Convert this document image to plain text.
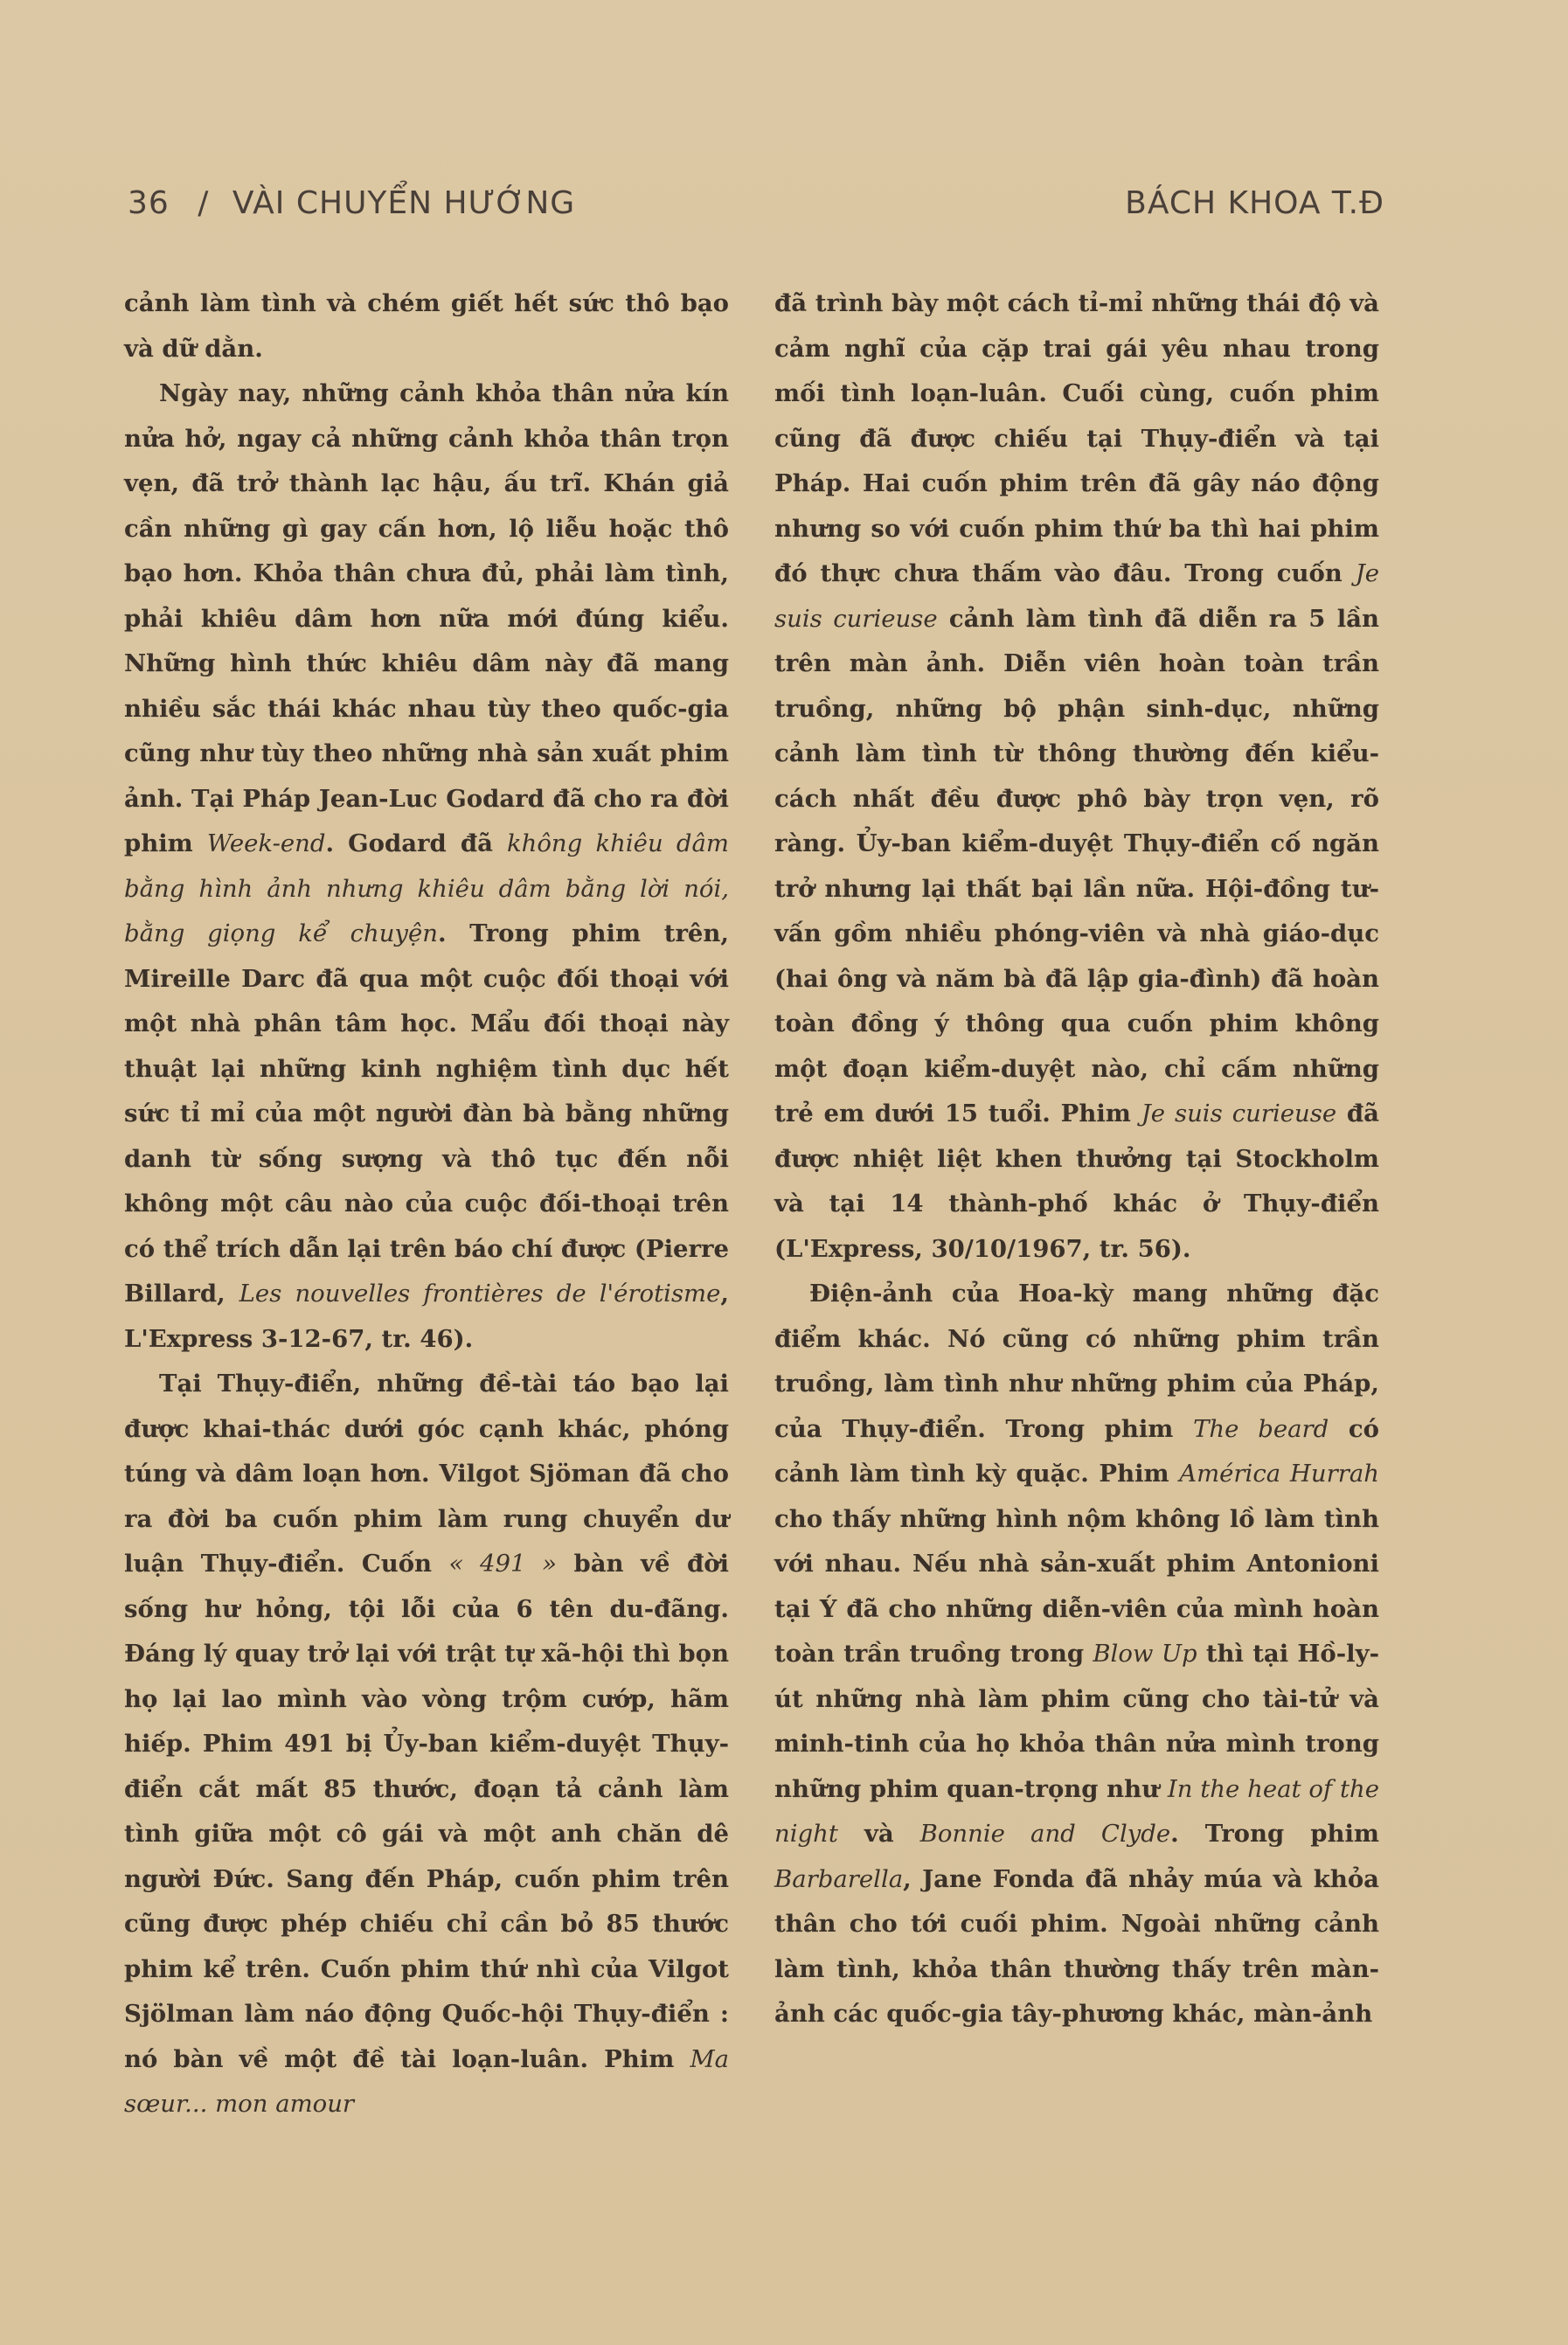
36 / VÀI CHUYỂN HƯỚNG	BÁCH KHOA T.Đ

cảnh làm tình và chém giết hết sức thô bạo và dữ dằn.

Ngày nay, những cảnh khỏa thân nửa kín nửa hở, ngay cả những cảnh khỏa thân trọn vẹn, đã trở thành lạc hậu, ấu trĩ. Khán giả cần những gì gay cấn hơn, lộ liễu hoặc thô bạo hơn. Khỏa thân chưa đủ, phải làm tình, phải khiêu dâm hơn nữa mới đúng kiểu. Những hình thức khiêu dâm này đã mang nhiều sắc thái khác nhau tùy theo quốc-gia cũng như tùy theo những nhà sản xuất phim ảnh. Tại Pháp Jean-Luc Godard đã cho ra đời phim Week-end. Godard đã không khiêu dâm bằng hình ảnh nhưng khiêu dâm bằng lời nói, bằng giọng kể chuyện. Trong phim trên, Mireille Darc đã qua một cuộc đối thoại với một nhà phân tâm học. Mẩu đối thoại này thuật lại những kinh nghiệm tình dục hết sức tỉ mỉ của một người đàn bà bằng những danh từ sống sượng và thô tục đến nỗi không một câu nào của cuộc đối-thoại trên có thể trích dẫn lại trên báo chí được (Pierre Billard, Les nouvelles frontières de l'érotisme, L'Express 3-12-67, tr. 46).

Tại Thụy-điển, những đề-tài táo bạo lại được khai-thác dưới góc cạnh khác, phóng túng và dâm loạn hơn. Vilgot Sjöman đã cho ra đời ba cuốn phim làm rung chuyển dư luận Thụy-điển. Cuốn « 491 » bàn về đời sống hư hỏng, tội lỗi của 6 tên du-đãng. Đáng lý quay trở lại với trật tự xã-hội thì bọn họ lại lao mình vào vòng trộm cướp, hãm hiếp. Phim 491 bị Ủy-ban kiểm-duyệt Thụy-điển cắt mất 85 thước, đoạn tả cảnh làm tình giữa một cô gái và một anh chăn dê người Đức. Sang đến Pháp, cuốn phim trên cũng được phép chiếu chỉ cần bỏ 85 thước phim kể trên. Cuốn phim thứ nhì của Vilgot Sjölman làm náo động Quốc-hội Thụy-điển : nó bàn về một đề tài loạn-luân. Phim Ma sœur... mon amour

đã trình bày một cách tỉ-mỉ những thái độ và cảm nghĩ của cặp trai gái yêu nhau trong mối tình loạn-luân. Cuối cùng, cuốn phim cũng đã được chiếu tại Thụy-điển và tại Pháp. Hai cuốn phim trên đã gây náo động nhưng so với cuốn phim thứ ba thì hai phim đó thực chưa thấm vào đâu. Trong cuốn Je suis curieuse cảnh làm tình đã diễn ra 5 lần trên màn ảnh. Diễn viên hoàn toàn trần truồng, những bộ phận sinh-dục, những cảnh làm tình từ thông thường đến kiểu-cách nhất đều được phô bày trọn vẹn, rõ ràng. Ủy-ban kiểm-duyệt Thụy-điển cố ngăn trở nhưng lại thất bại lần nữa. Hội-đồng tư-vấn gồm nhiều phóng-viên và nhà giáo-dục (hai ông và năm bà đã lập gia-đình) đã hoàn toàn đồng ý thông qua cuốn phim không một đoạn kiểm-duyệt nào, chỉ cấm những trẻ em dưới 15 tuổi. Phim Je suis curieuse đã được nhiệt liệt khen thưởng tại Stockholm và tại 14 thành-phố khác ở Thụy-điển (L'Express, 30/10/1967, tr. 56).

Điện-ảnh của Hoa-kỳ mang những đặc điểm khác. Nó cũng có những phim trần truồng, làm tình như những phim của Pháp, của Thụy-điển. Trong phim The beard có cảnh làm tình kỳ quặc. Phim América Hurrah cho thấy những hình nộm không lồ làm tình với nhau. Nếu nhà sản-xuất phim Antonioni tại Ý đã cho những diễn-viên của mình hoàn toàn trần truồng trong Blow Up thì tại Hồ-ly-út những nhà làm phim cũng cho tài-tử và minh-tinh của họ khỏa thân nửa mình trong những phim quan-trọng như In the heat of the night và Bonnie and Clyde. Trong phim Barbarella, Jane Fonda đã nhảy múa và khỏa thân cho tới cuối phim. Ngoài những cảnh làm tình, khỏa thân thường thấy trên màn-ảnh các quốc-gia tây-phương khác, màn-ảnh
